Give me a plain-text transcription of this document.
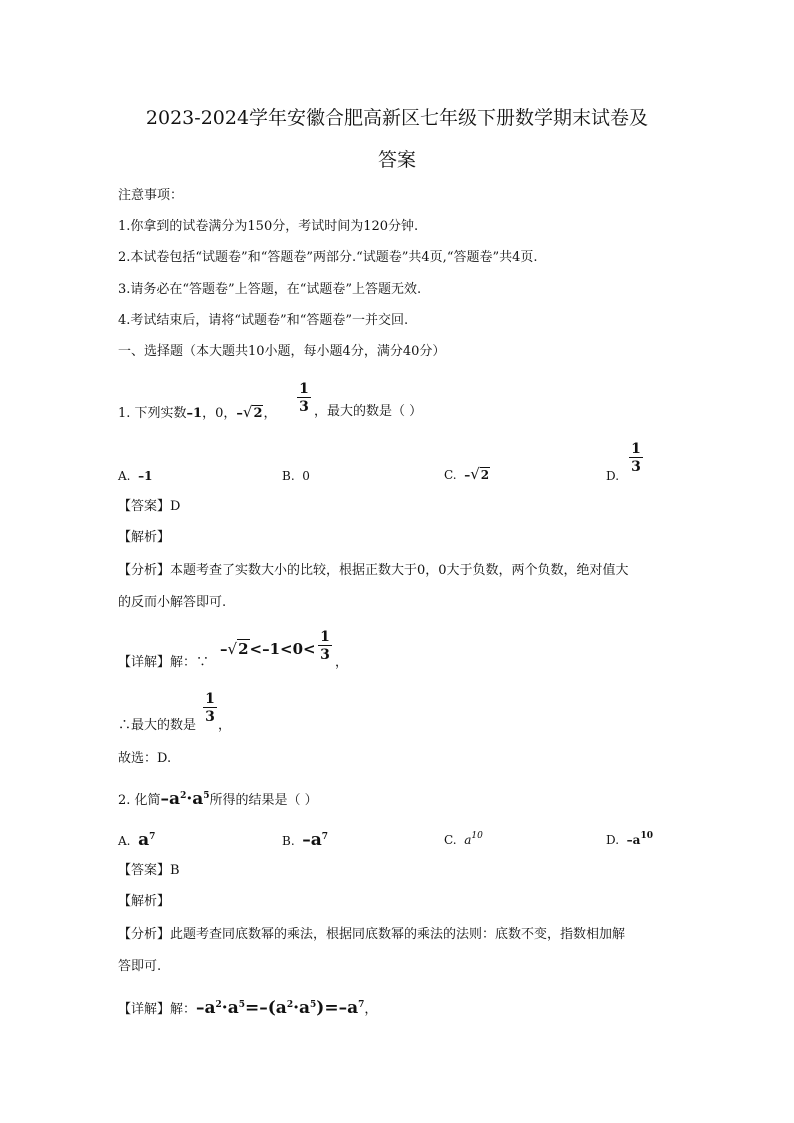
2023-2024学年安徽合肥高新区七年级下册数学期末试卷及
答案
注意事项：
1.你拿到的试卷满分为150分，考试时间为120分钟.
2.本试卷包括“试题卷”和“答题卷”两部分.“试题卷”共4页,“答题卷”共4页.
3.请务必在“答题卷”上答题，在“试题卷”上答题无效.
4.考试结束后，请将“试题卷”和“答题卷”一并交回.
一、选择题（本大题共10小题，每小题4分，满分40分）
1. 下列实数–1，0，–√2，
1
3 ，最大的数是（ ）
A. –1	B. 0	C. –√2	D.
1
3
【答案】D
【解析】
【分析】本题考查了实数大小的比较，根据正数大于0，0大于负数，两个负数，绝对值大
的反而小解答即可.
【详解】解：∵
–√2<–1<0<
1
3 ，
∴最大的数是
1
3
，
故选：D.
2. 化简$-a^2\cdot a^5$所得的结果是（ ）
A. $a^7$	B. $-a^7$	C. $a^{10}$	D. $-a^{10}$
【答案】B
【解析】
【分析】此题考查同底数幂的乘法，根据同底数幂的乘法的法则：底数不变，指数相加解
答即可.
【详解】解：$-a^2\cdot a^5=-(a^2\cdot a^5)=-a^7$，
